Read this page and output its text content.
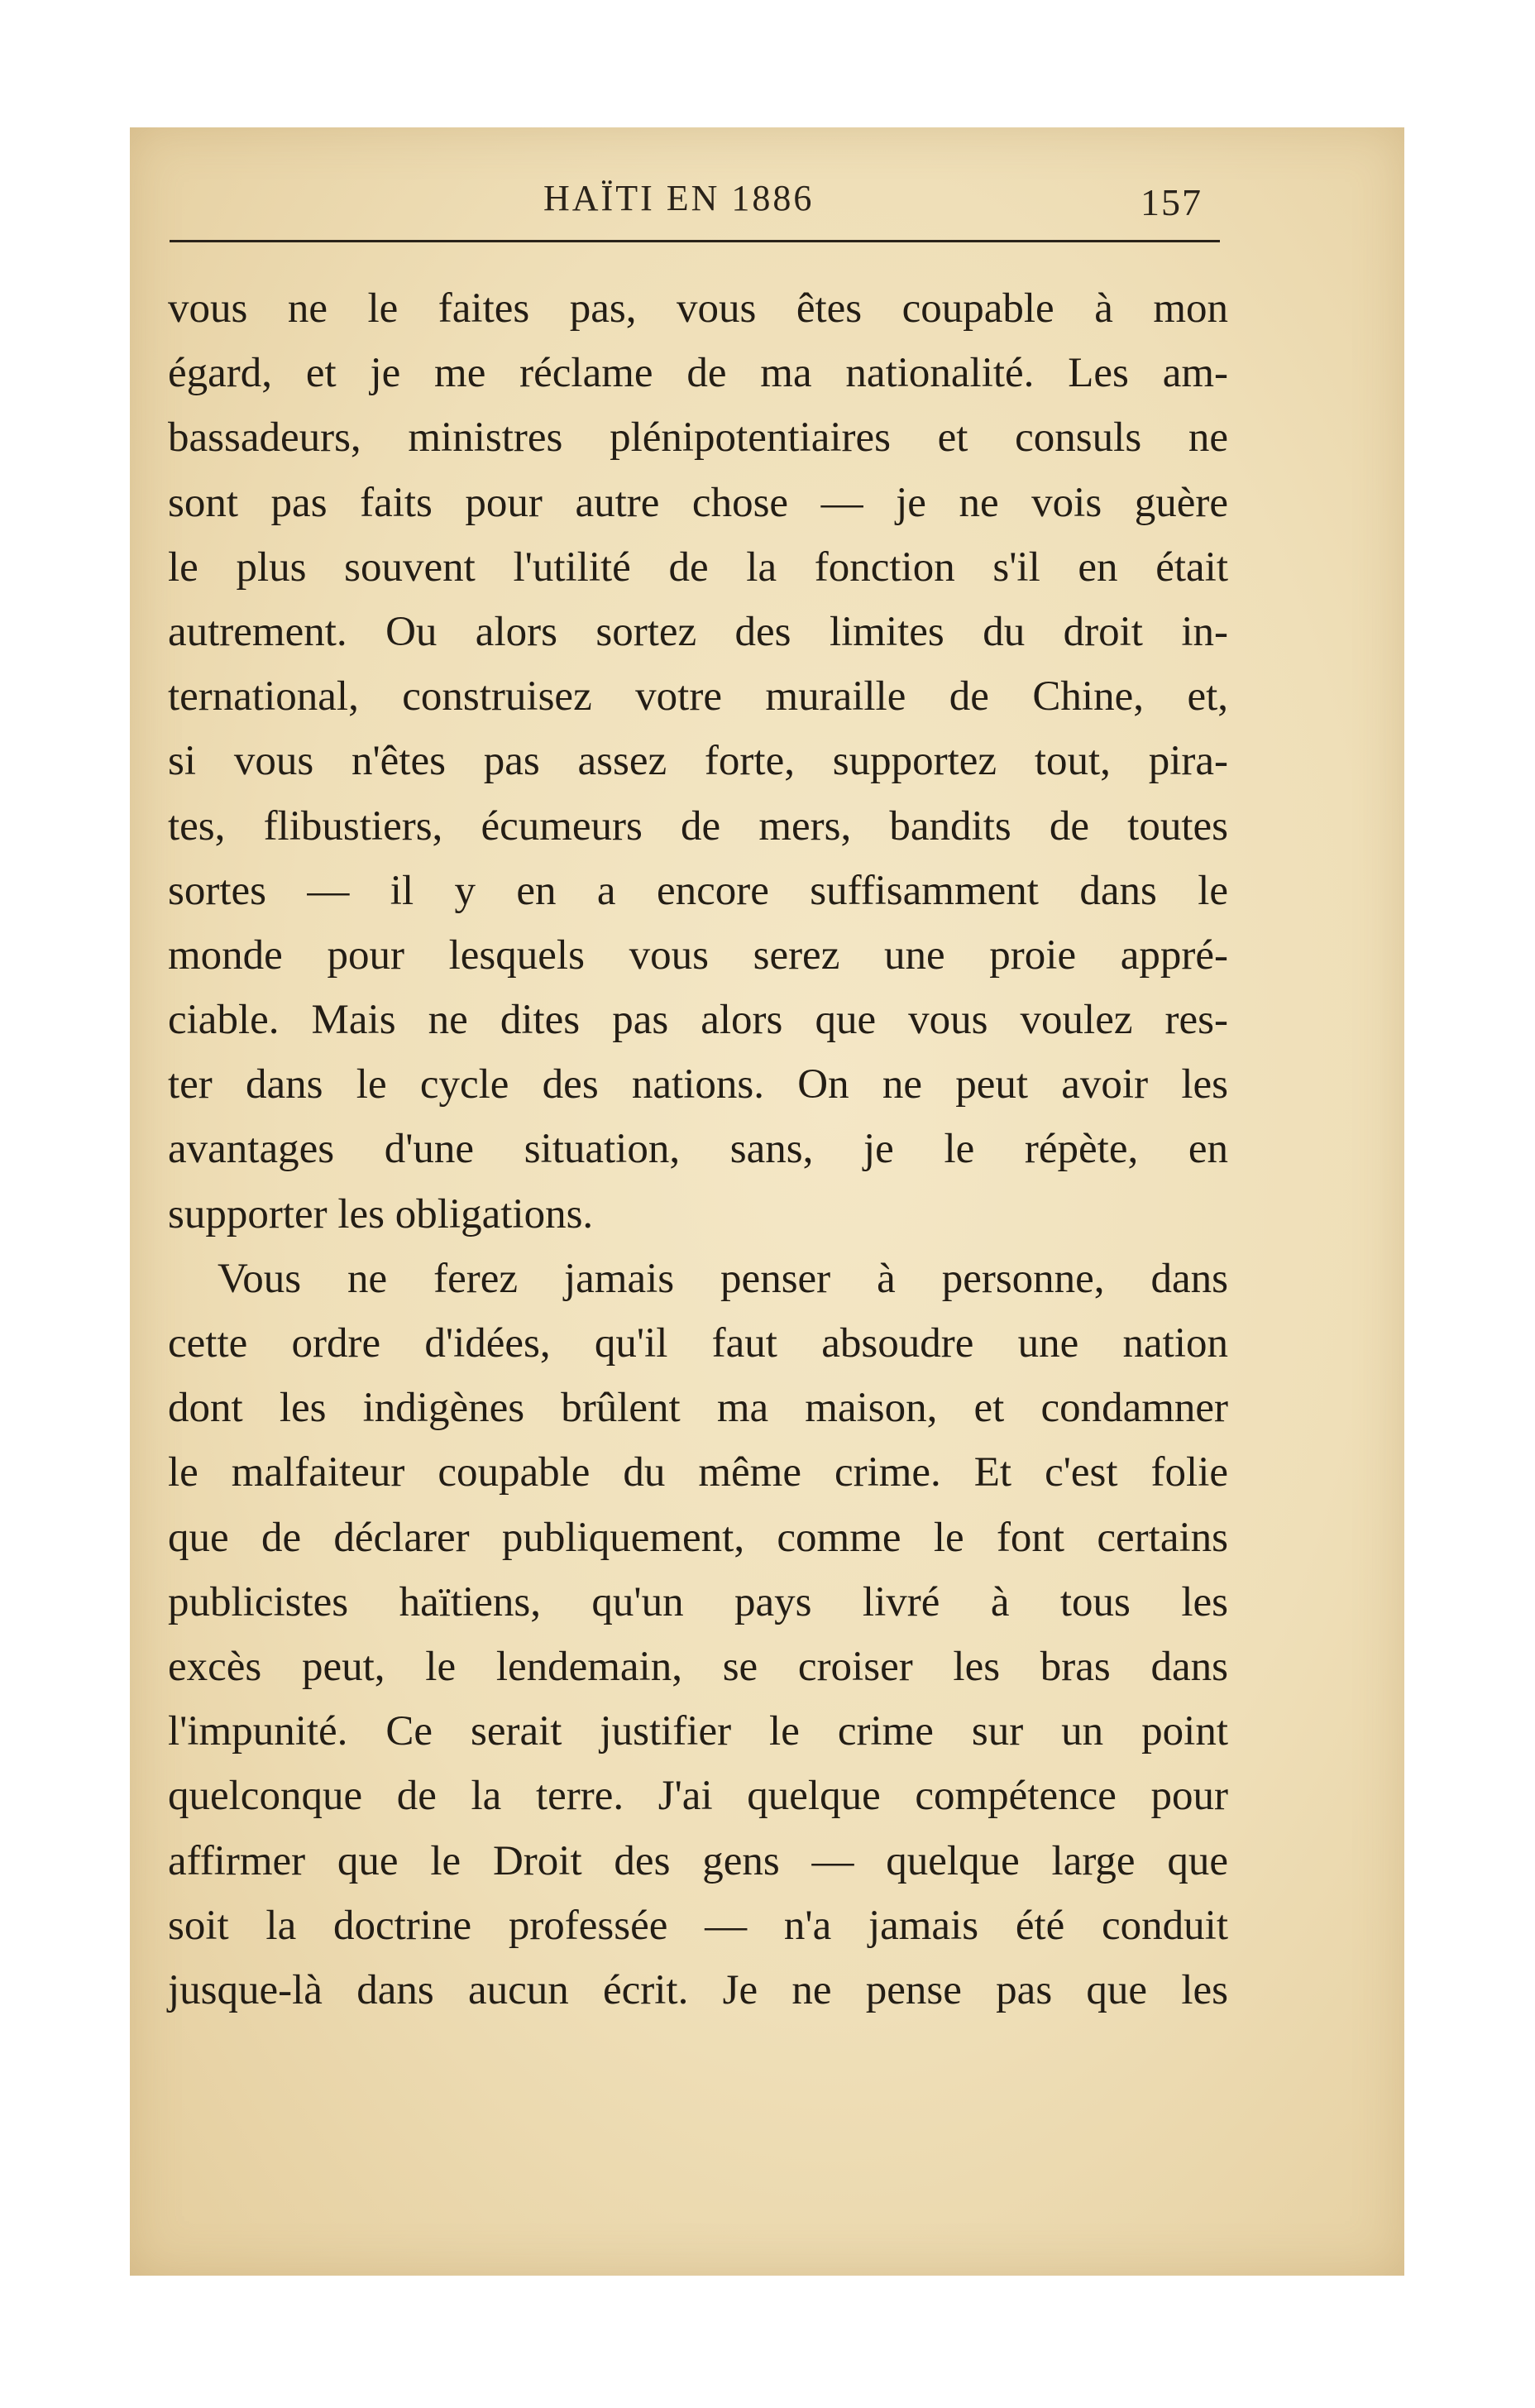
HAÏTI EN 1886	157
vous ne le faites pas, vous êtes coupable à mon
égard, et je me réclame de ma nationalité. Les am-
bassadeurs, ministres plénipotentiaires et consuls ne
sont pas faits pour autre chose — je ne vois guère
le plus souvent l'utilité de la fonction s'il en était
autrement. Ou alors sortez des limites du droit in-
ternational, construisez votre muraille de Chine, et,
si vous n'êtes pas assez forte, supportez tout, pira-
tes, flibustiers, écumeurs de mers, bandits de toutes
sortes — il y en a encore suffisamment dans le
monde pour lesquels vous serez une proie appré-
ciable. Mais ne dites pas alors que vous voulez res-
ter dans le cycle des nations. On ne peut avoir les
avantages d'une situation, sans, je le répète, en
supporter les obligations.
Vous ne ferez jamais penser à personne, dans
cette ordre d'idées, qu'il faut absoudre une nation
dont les indigènes brûlent ma maison, et condamner
le malfaiteur coupable du même crime. Et c'est folie
que de déclarer publiquement, comme le font certains
publicistes haïtiens, qu'un pays livré à tous les
excès peut, le lendemain, se croiser les bras dans
l'impunité. Ce serait justifier le crime sur un point
quelconque de la terre. J'ai quelque compétence pour
affirmer que le Droit des gens — quelque large que
soit la doctrine professée — n'a jamais été conduit
jusque-là dans aucun écrit. Je ne pense pas que les
